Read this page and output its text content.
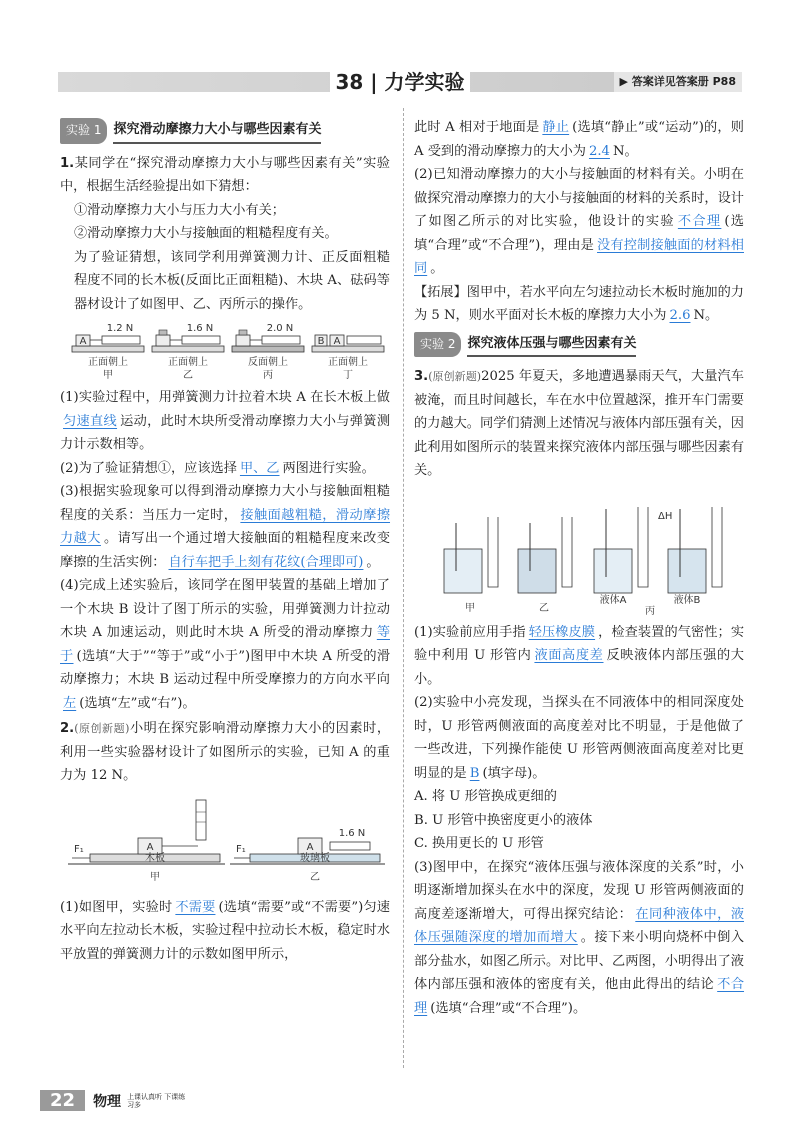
38 | 力学实验	▶ 答案详见答案册 P88
实验 1 探究滑动摩擦力大小与哪些因素有关

1.某同学在“探究滑动摩擦力大小与哪些因素有关”实验中，根据生活经验提出如下猜想：

①滑动摩擦力大小与压力大小有关；

②滑动摩擦力大小与接触面的粗糙程度有关。

为了验证猜想，该同学利用弹簧测力计、正反面粗糙程度不同的长木板(反面比正面粗糙)、木块 A、砝码等器材设计了如图甲、乙、丙所示的操作。

A
1.2 N
正面朝上
甲
1.6 N
正面朝上
乙
2.0 N
反面朝上
丙
B A
正面朝上
丁

(1)实验过程中，用弹簧测力计拉着木块 A 在长木板上做匀速直线 运动，此时木块所受滑动摩擦力大小与弹簧测力计示数相等。

(2)为了验证猜想①，应该选择 甲、乙 两图进行实验。

(3)根据实验现象可以得到滑动摩擦力大小与接触面粗糙程度的关系：当压力一定时， 接触面越粗糙，滑动摩擦力越大 。请写出一个通过增大接触面的粗糙程度来改变摩擦的生活实例： 自行车把手上刻有花纹(合理即可) 。

(4)完成上述实验后，该同学在图甲装置的基础上增加了一个木块 B 设计了图丁所示的实验，用弹簧测力计拉动木块 A 加速运动，则此时木块 A 所受的滑动摩擦力 等于 (选填“大于”“等于”或“小于”)图甲中木块 A 所受的滑动摩擦力；木块 B 运动过程中所受摩擦力的方向水平向左 (选填“左”或“右”)。

2.(原创新题)小明在探究影响滑动摩擦力大小的因素时，利用一些实验器材设计了如图所示的实验，已知 A 的重力为 12 N。

A
木板
F₁
甲
A
1.6 N
玻璃板
F₁
乙

(1)如图甲，实验时 不需要 (选填“需要”或“不需要”)匀速水平向左拉动长木板，实验过程中拉动长木板，稳定时水平放置的弹簧测力计的示数如图甲所示，

此时 A 相对于地面是 静止 (选填“静止”或“运动”)的，则 A 受到的滑动摩擦力的大小为 2.4 N。

(2)已知滑动摩擦力的大小与接触面的材料有关。小明在做探究滑动摩擦力的大小与接触面的材料的关系时，设计了如图乙所示的对比实验，他设计的实验 不合理 (选填“合理”或“不合理”)，理由是 没有控制接触面的材料相同 。

【拓展】图甲中，若水平向左匀速拉动长木板时施加的力为 5 N，则水平面对长木板的摩擦力大小为 2.6 N。

实验 2 探究液体压强与哪些因素有关

3.(原创新题)2025 年夏天，多地遭遇暴雨天气，大量汽车被淹，而且时间越长，车在水中位置越深，推开车门需要的力越大。同学们猜测上述情况与液体内部压强有关，因此利用如图所示的装置来探究液体内部压强与哪些因素有关。

甲	乙
液体A
ΔH
液体B
丙

(1)实验前应用手指 轻压橡皮膜 ，检查装置的气密性；实验中利用 U 形管内 液面高度差 反映液体内部压强的大小。

(2)实验中小亮发现，当探头在不同液体中的相同深度处时，U 形管两侧液面的高度差对比不明显，于是他做了一些改进，下列操作能使 U 形管两侧液面高度差对比更明显的是 B (填字母)。

A. 将 U 形管换成更细的

B. U 形管中换密度更小的液体

C. 换用更长的 U 形管

(3)图甲中，在探究“液体压强与液体深度的关系”时，小明逐渐增加探头在水中的深度，发现 U 形管两侧液面的高度差逐渐增大，可得出探究结论： 在同种液体中，液体压强随深度的增加而增大 。接下来小明向烧杯中倒入部分盐水，如图乙所示。对比甲、乙两图，小明得出了液体内部压强和液体的密度有关，他由此得出的结论 不合理 (选填“合理”或“不合理”)。

22	物理 上课认真听 下课练习多
